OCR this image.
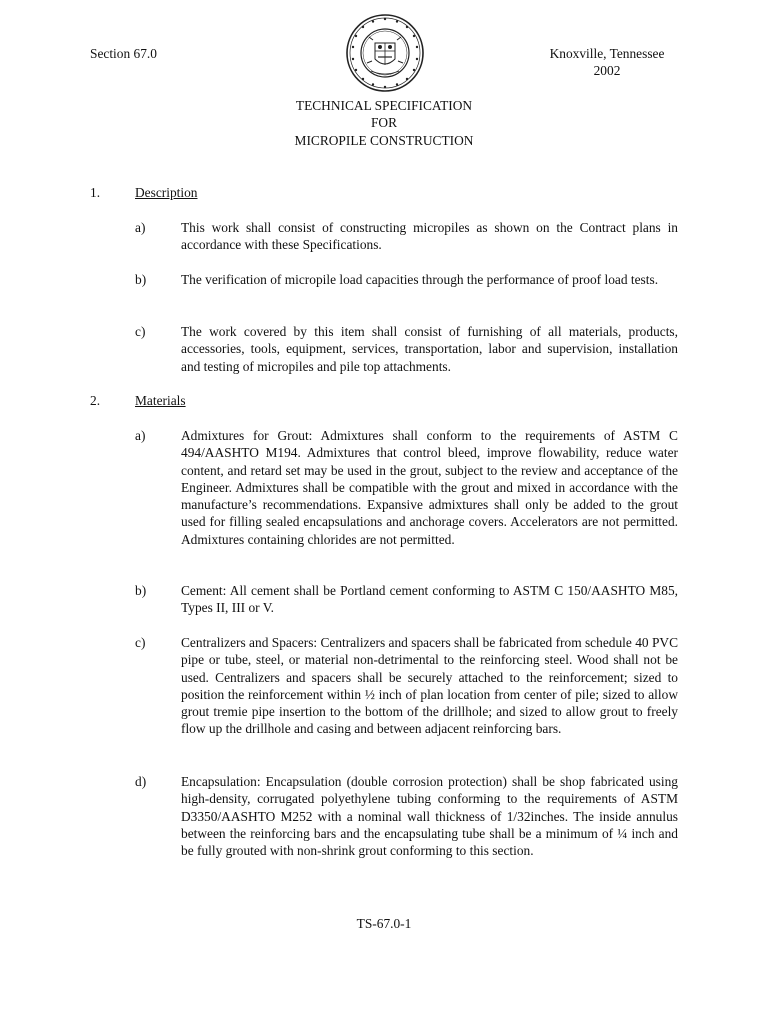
Section 67.0	Knoxville, Tennessee
2002
TECHNICAL SPECIFICATION
FOR
MICROPILE CONSTRUCTION
1.	Description
a)	This work shall consist of constructing micropiles as shown on the Contract plans in accordance with these Specifications.
b)	The verification of micropile load capacities through the performance of proof load tests.
c)	The work covered by this item shall consist of furnishing of all materials, products, accessories, tools, equipment, services, transportation, labor and supervision, installation and testing of micropiles and pile top attachments.
2.	Materials
a)	Admixtures for Grout: Admixtures shall conform to the requirements of ASTM C 494/AASHTO M194. Admixtures that control bleed, improve flowability, reduce water content, and retard set may be used in the grout, subject to the review and acceptance of the Engineer. Admixtures shall be compatible with the grout and mixed in accordance with the manufacture’s recommendations. Expansive admixtures shall only be added to the grout used for filling sealed encapsulations and anchorage covers. Accelerators are not permitted. Admixtures containing chlorides are not permitted.
b)	Cement: All cement shall be Portland cement conforming to ASTM C 150/AASHTO M85, Types II, III or V.
c)	Centralizers and Spacers: Centralizers and spacers shall be fabricated from schedule 40 PVC pipe or tube, steel, or material non-detrimental to the reinforcing steel. Wood shall not be used. Centralizers and spacers shall be securely attached to the reinforcement; sized to position the reinforcement within ½ inch of plan location from center of pile; sized to allow grout tremie pipe insertion to the bottom of the drillhole; and sized to allow grout to freely flow up the drillhole and casing and between adjacent reinforcing bars.
d)	Encapsulation: Encapsulation (double corrosion protection) shall be shop fabricated using high-density, corrugated polyethylene tubing conforming to the requirements of ASTM D3350/AASHTO M252 with a nominal wall thickness of 1/32inches. The inside annulus between the reinforcing bars and the encapsulating tube shall be a minimum of ¼ inch and be fully grouted with non-shrink grout conforming to this section.
TS-67.0-1
